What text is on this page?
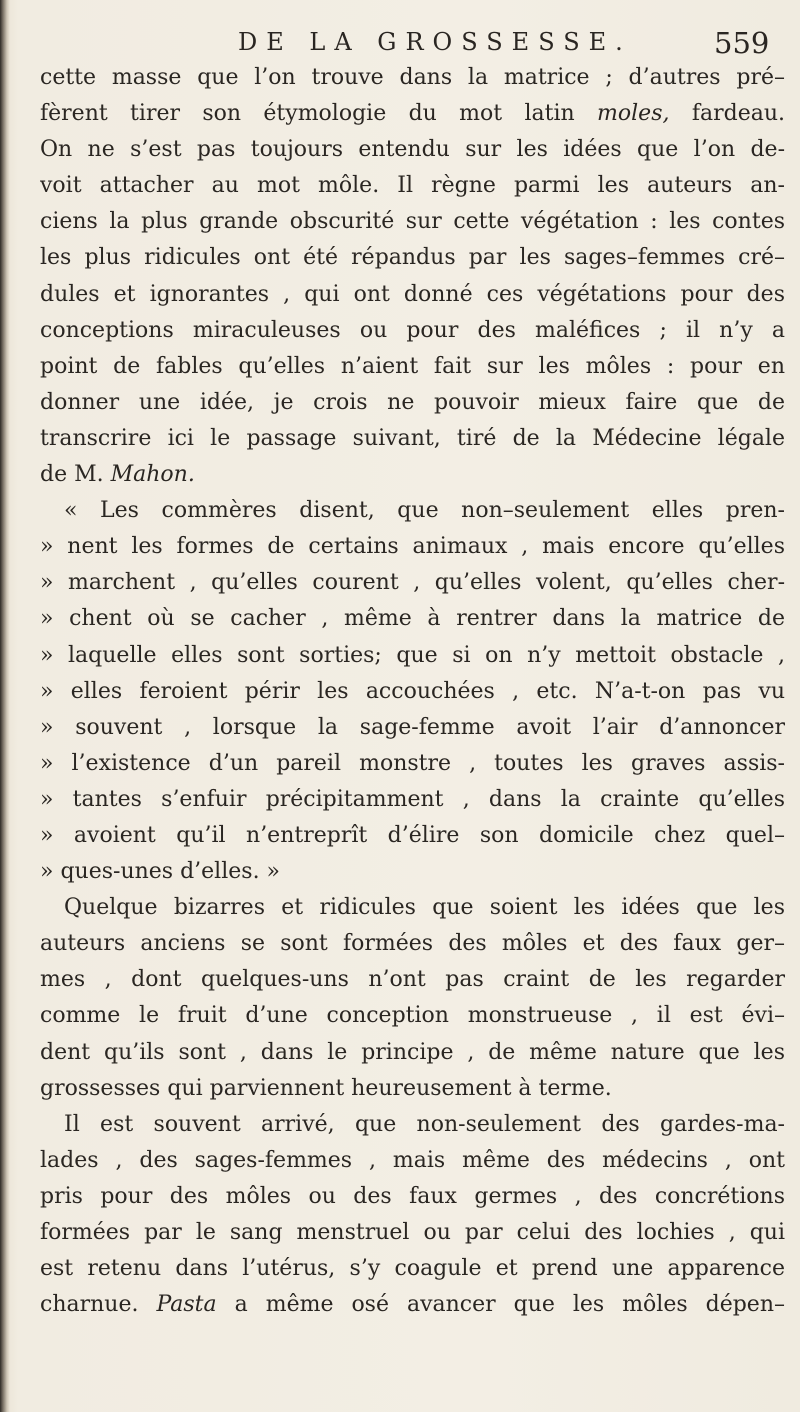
DE LA GROSSESSE.	559
cette masse que l’on trouve dans la matrice ; d’autres pré–
fèrent tirer son étymologie du mot latin moles, fardeau.
On ne s’est pas toujours entendu sur les idées que l’on de-
voit attacher au mot môle. Il règne parmi les auteurs an-
ciens la plus grande obscurité sur cette végétation : les contes
les plus ridicules ont été répandus par les sages–femmes cré–
dules et ignorantes , qui ont donné ces végétations pour des
conceptions miraculeuses ou pour des maléfices ; il n’y a
point de fables qu’elles n’aient fait sur les môles : pour en
donner une idée, je crois ne pouvoir mieux faire que de
transcrire ici le passage suivant, tiré de la Médecine légale
de M. Mahon.
« Les commères disent, que non–seulement elles pren-
» nent les formes de certains animaux , mais encore qu’elles
» marchent , qu’elles courent , qu’elles volent, qu’elles cher-
» chent où se cacher , même à rentrer dans la matrice de
» laquelle elles sont sorties; que si on n’y mettoit obstacle ,
» elles feroient périr les accouchées , etc. N’a-t-on pas vu
» souvent , lorsque la sage-femme avoit l’air d’annoncer
» l’existence d’un pareil monstre , toutes les graves assis-
» tantes s’enfuir précipitamment , dans la crainte qu’elles
» avoient qu’il n’entreprît d’élire son domicile chez quel–
» ques-unes d’elles. »
Quelque bizarres et ridicules que soient les idées que les
auteurs anciens se sont formées des môles et des faux ger–
mes , dont quelques-uns n’ont pas craint de les regarder
comme le fruit d’une conception monstrueuse , il est évi–
dent qu’ils sont , dans le principe , de même nature que les
grossesses qui parviennent heureusement à terme.
Il est souvent arrivé, que non-seulement des gardes-ma-
lades , des sages-femmes , mais même des médecins , ont
pris pour des môles ou des faux germes , des concrétions
formées par le sang menstruel ou par celui des lochies , qui
est retenu dans l’utérus, s’y coagule et prend une apparence
charnue. Pasta a même osé avancer que les môles dépen–
